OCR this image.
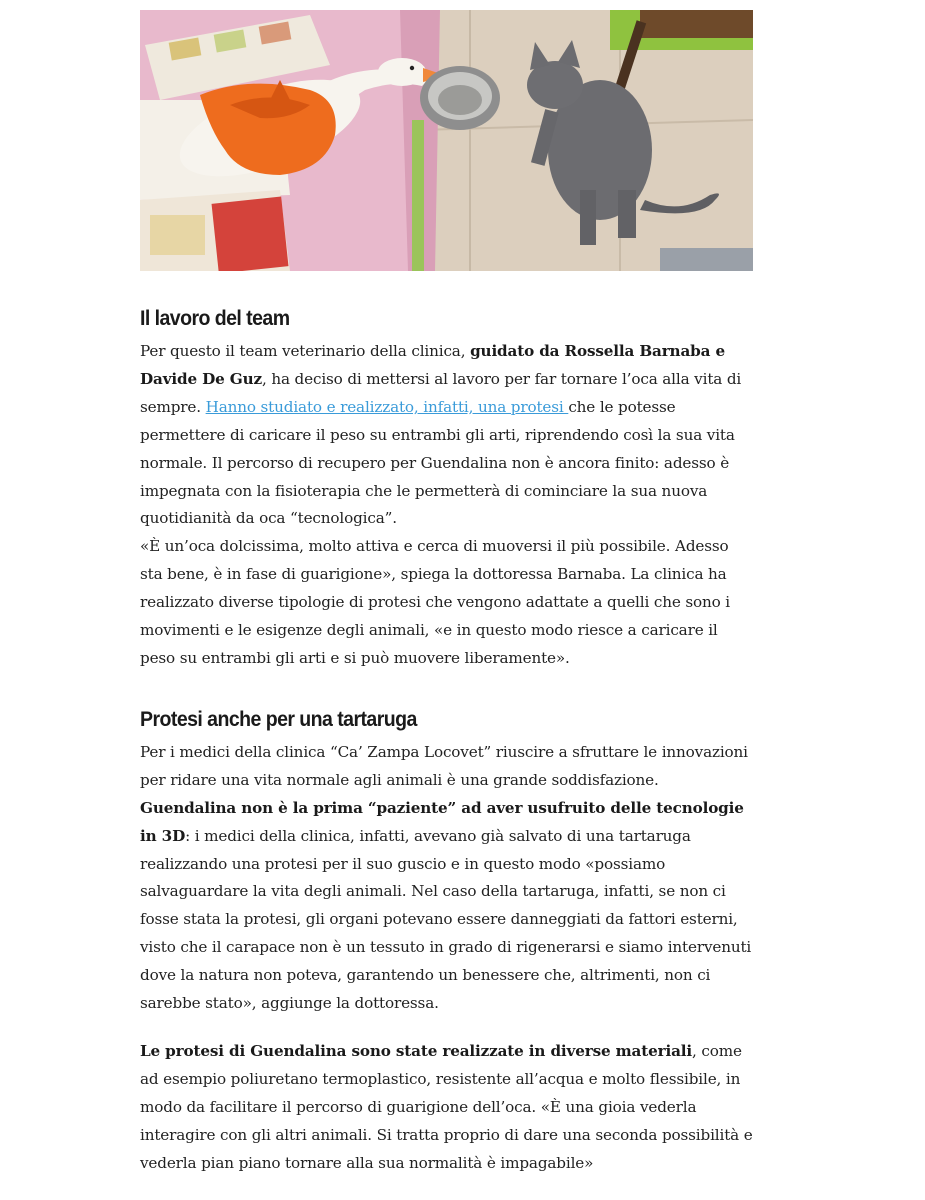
Il lavoro del team

Per questo il team veterinario della clinica, guidato da Rossella Barnaba e Davide De Guz, ha deciso di mettersi al lavoro per far tornare l’oca alla vita di sempre. Hanno studiato e realizzato, infatti, una protesi che le potesse permettere di caricare il peso su entrambi gli arti, riprendendo così la sua vita normale. Il percorso di recupero per Guendalina non è ancora finito: adesso è impegnata con la fisioterapia che le permetterà di cominciare la sua nuova quotidianità da oca “tecnologica”.

«È un’oca dolcissima, molto attiva e cerca di muoversi il più possibile. Adesso sta bene, è in fase di guarigione», spiega la dottoressa Barnaba. La clinica ha realizzato diverse tipologie di protesi che vengono adattate a quelli che sono i movimenti e le esigenze degli animali, «e in questo modo riesce a caricare il peso su entrambi gli arti e si può muovere liberamente».

Protesi anche per una tartaruga

Per i medici della clinica “Ca’ Zampa Locovet” riuscire a sfruttare le innovazioni per ridare una vita normale agli animali è una grande soddisfazione. Guendalina non è la prima “paziente” ad aver usufruito delle tecnologie in 3D: i medici della clinica, infatti, avevano già salvato di una tartaruga realizzando una protesi per il suo guscio e in questo modo «possiamo salvaguardare la vita degli animali. Nel caso della tartaruga, infatti, se non ci fosse stata la protesi, gli organi potevano essere danneggiati da fattori esterni, visto che il carapace non è un tessuto in grado di rigenerarsi e siamo intervenuti dove la natura non poteva, garantendo un benessere che, altrimenti, non ci sarebbe stato», aggiunge la dottoressa.

Le protesi di Guendalina sono state realizzate in diverse materiali, come ad esempio poliuretano termoplastico, resistente all’acqua e molto flessibile, in modo da facilitare il percorso di guarigione dell’oca. «È una gioia vederla interagire con gli altri animali. Si tratta proprio di dare una seconda possibilità e vederla pian piano tornare alla sua normalità è impagabile»
